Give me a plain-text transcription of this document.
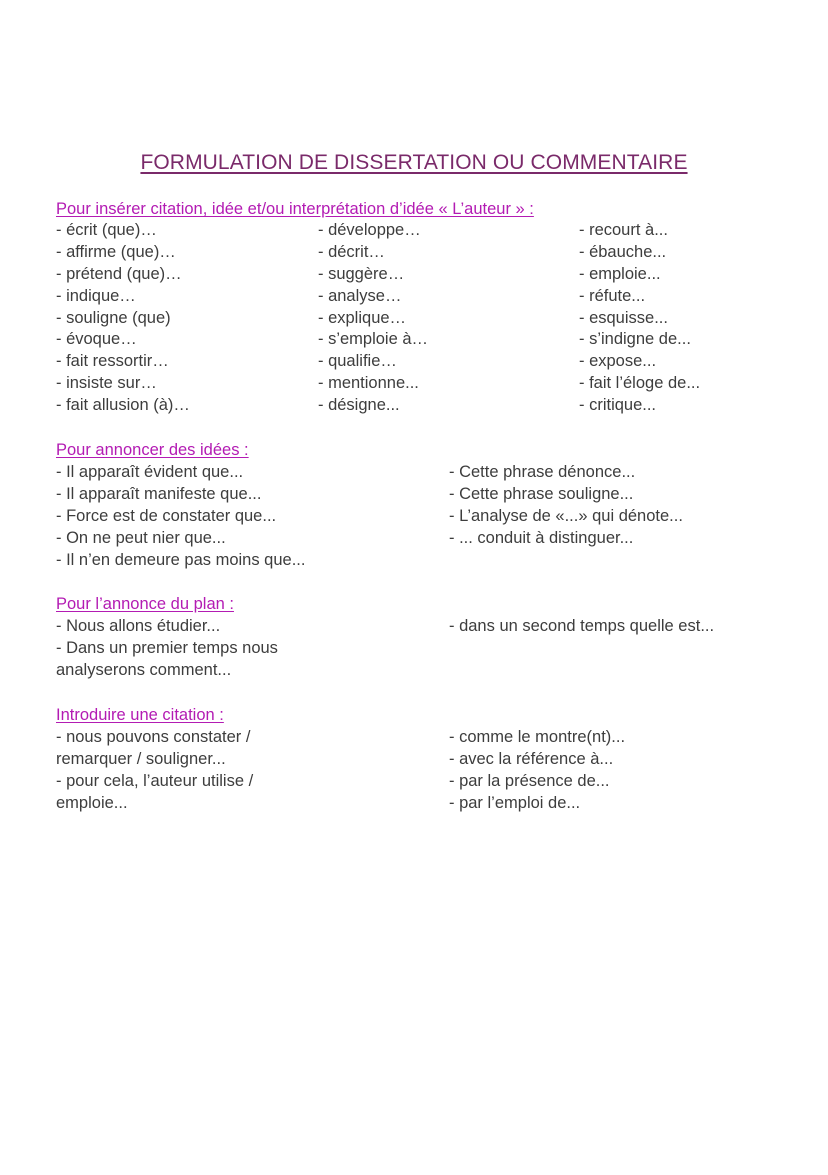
FORMULATION DE DISSERTATION OU COMMENTAIRE
Pour insérer citation, idée et/ou interprétation d’idée « L’auteur » :
- écrit (que)…
- affirme (que)…
- prétend (que)…
- indique…
- souligne (que)
- évoque…
- fait ressortir…
- insiste sur…
- fait allusion (à)…
- développe…
- décrit…
- suggère…
- analyse…
- explique…
- s’emploie à…
- qualifie…
- mentionne...
- désigne...
- recourt à...
- ébauche...
- emploie...
- réfute...
- esquisse...
- s’indigne de...
- expose...
- fait l’éloge de...
- critique...
Pour annoncer des idées :
- Il apparaît évident que...
- Il apparaît manifeste que...
- Force est de constater que...
- On ne peut nier que...
- Il n’en demeure pas moins que...
- Cette phrase dénonce...
- Cette phrase souligne...
- L’analyse de «...» qui dénote...
- ... conduit à distinguer...
Pour l’annonce du plan :
- Nous allons étudier...
- Dans un premier temps nous
analyserons comment...
- dans un second temps quelle est...
Introduire une citation :
- nous pouvons constater /
remarquer / souligner...
- pour cela, l’auteur utilise /
emploie...
- comme le montre(nt)...
- avec la référence à...
- par la présence de...
- par l’emploi de...
